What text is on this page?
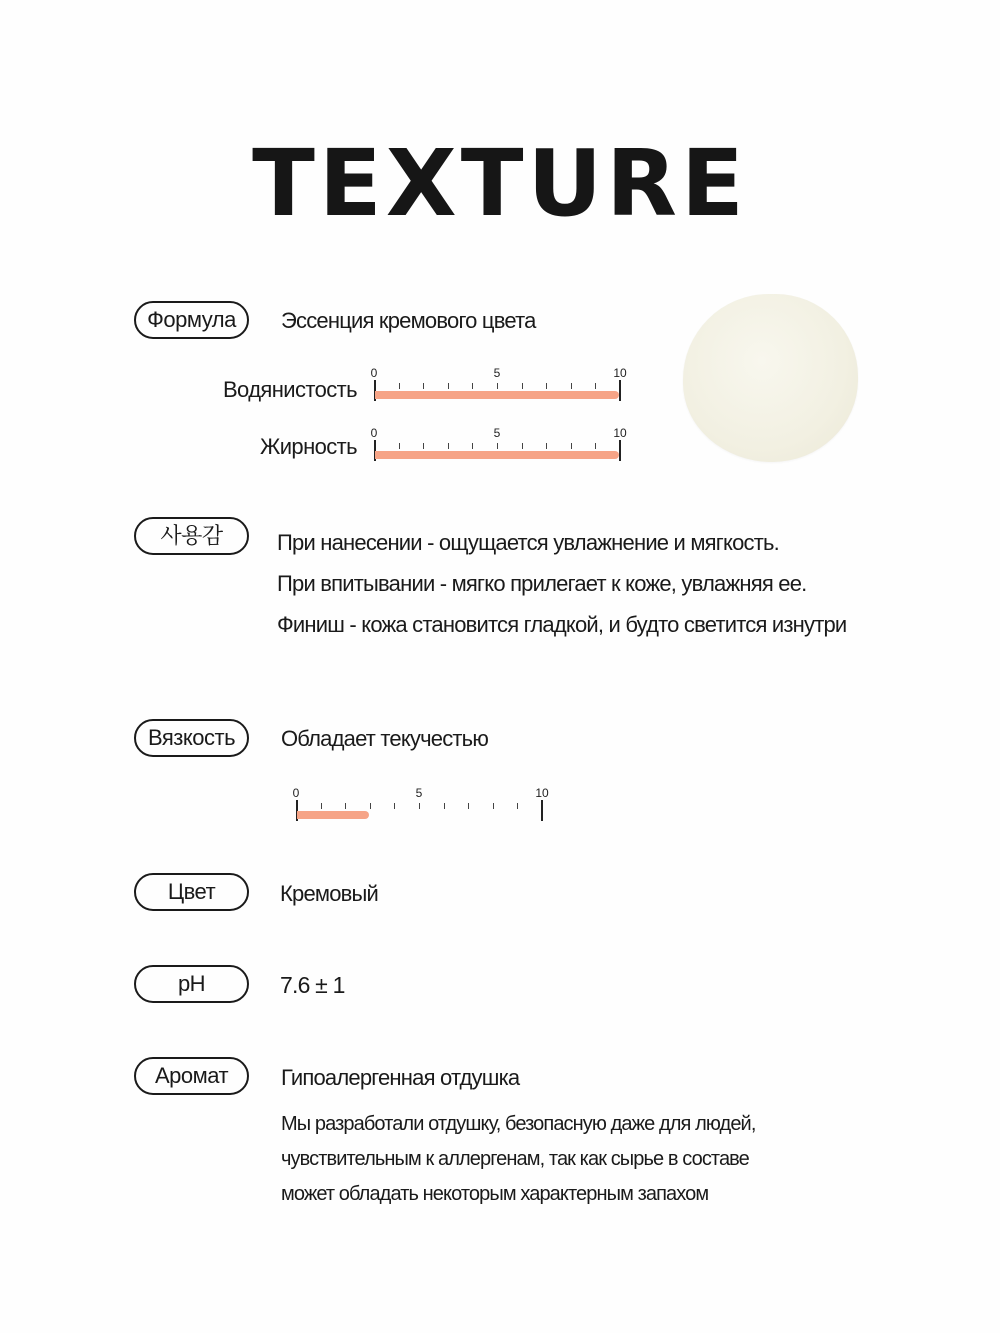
TEXTURE
Формула	Эссенция кремового цвета
Водянистость
0	5	10
Жирность
0	5	10
사용감	При нанесении - ощущается увлажнение и мягкость.
При впитывании - мягко прилегает к коже, увлажняя ее.
Финиш - кожа становится гладкой, и будто светится изнутри
Вязкость	Обладает текучестью
0	5	10
Цвет	Кремовый
pH	7.6 ± 1
Аромат	Гипоалергенная отдушка
Мы разработали отдушку, безопасную даже для людей,
чувствительным к аллергенам, так как сырье в составе
может обладать некоторым характерным запахом
